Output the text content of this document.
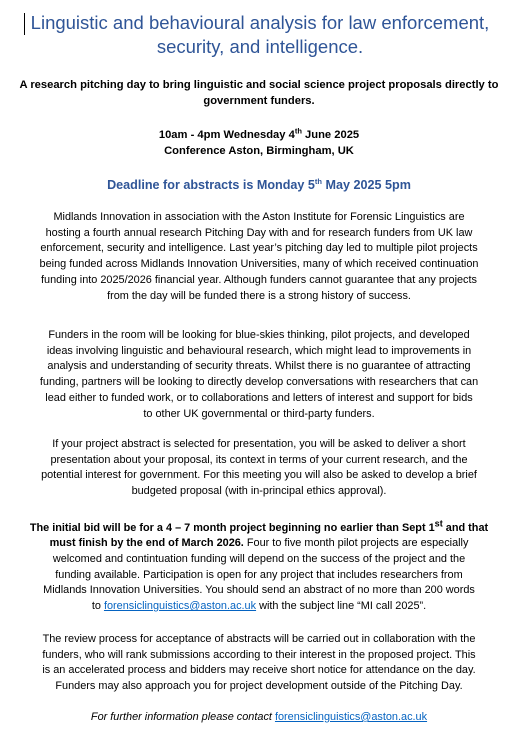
Linguistic and behavioural analysis for law enforcement,
security, and intelligence.

A research pitching day to bring linguistic and social science project proposals directly to
government funders.

10am - 4pm Wednesday 4th June 2025
Conference Aston, Birmingham, UK

Deadline for abstracts is Monday 5th May 2025 5pm

Midlands Innovation in association with the Aston Institute for Forensic Linguistics are
hosting a fourth annual research Pitching Day with and for research funders from UK law
enforcement, security and intelligence. Last year’s pitching day led to multiple pilot projects
being funded across Midlands Innovation Universities, many of which received continuation
funding into 2025/2026 financial year. Although funders cannot guarantee that any projects
from the day will be funded there is a strong history of success.

Funders in the room will be looking for blue-skies thinking, pilot projects, and developed
ideas involving linguistic and behavioural research, which might lead to improvements in
analysis and understanding of security threats. Whilst there is no guarantee of attracting
funding, partners will be looking to directly develop conversations with researchers that can
lead either to funded work, or to collaborations and letters of interest and support for bids
to other UK governmental or third-party funders.

If your project abstract is selected for presentation, you will be asked to deliver a short
presentation about your proposal, its context in terms of your current research, and the
potential interest for government. For this meeting you will also be asked to develop a brief
budgeted proposal (with in-principal ethics approval).

The initial bid will be for a 4 – 7 month project beginning no earlier than Sept 1st and that
must finish by the end of March 2026. Four to five month pilot projects are especially
welcomed and contintuation funding will depend on the success of the project and the
funding available. Participation is open for any project that includes researchers from
Midlands Innovation Universities. You should send an abstract of no more than 200 words
to forensiclinguistics@aston.ac.uk with the subject line “MI call 2025”.

The review process for acceptance of abstracts will be carried out in collaboration with the
funders, who will rank submissions according to their interest in the proposed project. This
is an accelerated process and bidders may receive short notice for attendance on the day.
Funders may also approach you for project development outside of the Pitching Day.

For further information please contact forensiclinguistics@aston.ac.uk
